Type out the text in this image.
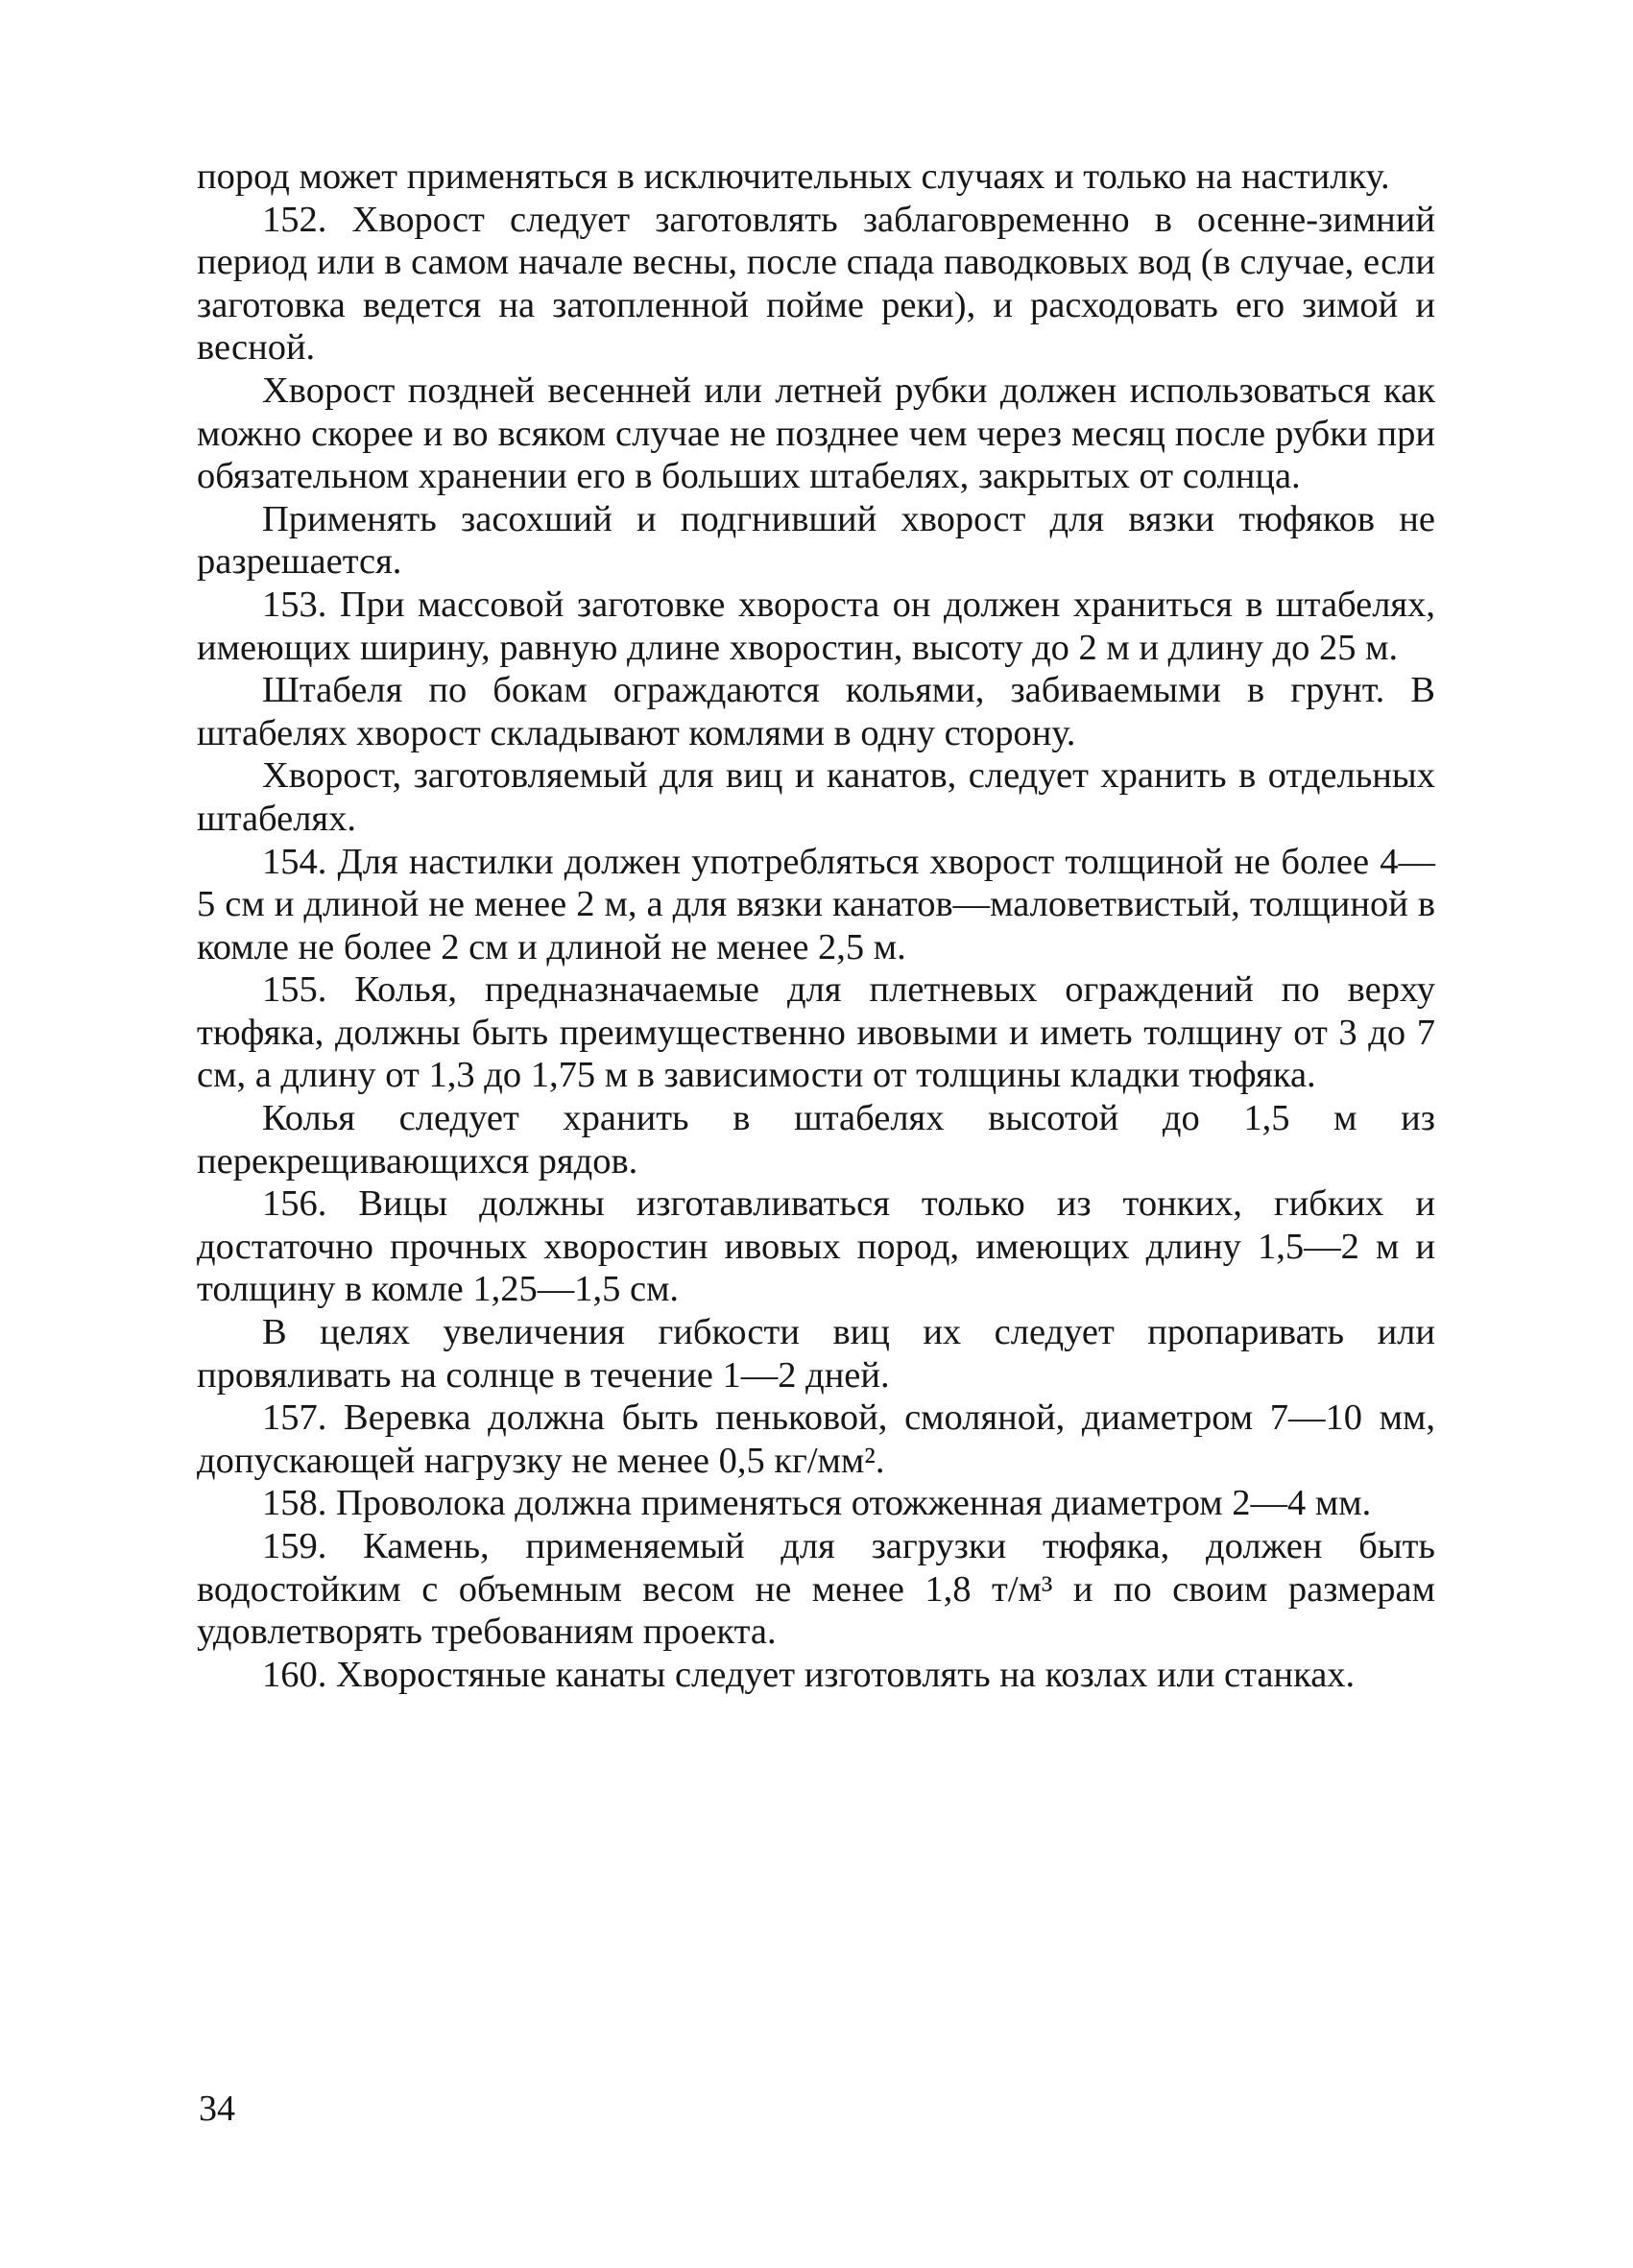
пород может применяться в исключительных случаях и только на настилку.

152. Хворост следует заготовлять заблаговременно в осенне-зимний период или в самом начале весны, после спада паводковых вод (в случае, если заготовка ведется на затопленной пойме реки), и расходовать его зимой и весной.

Хворост поздней весенней или летней рубки должен использоваться как можно скорее и во всяком случае не позднее чем через месяц после рубки при обязательном хранении его в больших штабелях, закрытых от солнца.

Применять засохший и подгнивший хворост для вязки тюфяков не разрешается.

153. При массовой заготовке хвороста он должен храниться в штабелях, имеющих ширину, равную длине хворостин, высоту до 2 м и длину до 25 м.

Штабеля по бокам ограждаются кольями, забиваемыми в грунт. В штабелях хворост складывают комлями в одну сторону.

Хворост, заготовляемый для виц и канатов, следует хранить в отдельных штабелях.

154. Для настилки должен употребляться хворост толщиной не более 4—5 см и длиной не менее 2 м, а для вязки канатов—маловетвистый, толщиной в комле не более 2 см и длиной не менее 2,5 м.

155. Колья, предназначаемые для плетневых ограждений по верху тюфяка, должны быть преимущественно ивовыми и иметь толщину от 3 до 7 см, а длину от 1,3 до 1,75 м в зависимости от толщины кладки тюфяка.

Колья следует хранить в штабелях высотой до 1,5 м из перекрещивающихся рядов.

156. Вицы должны изготавливаться только из тонких, гибких и достаточно прочных хворостин ивовых пород, имеющих длину 1,5—2 м и толщину в комле 1,25—1,5 см.

В целях увеличения гибкости виц их следует пропаривать или провяливать на солнце в течение 1—2 дней.

157. Веревка должна быть пеньковой, смоляной, диаметром 7—10 мм, допускающей нагрузку не менее 0,5 кг/мм².

158. Проволока должна применяться отожженная диаметром 2—4 мм.

159. Камень, применяемый для загрузки тюфяка, должен быть водостойким с объемным весом не менее 1,8 т/м³ и по своим размерам удовлетворять требованиям проекта.

160. Хворостяные канаты следует изготовлять на козлах или станках.

34
